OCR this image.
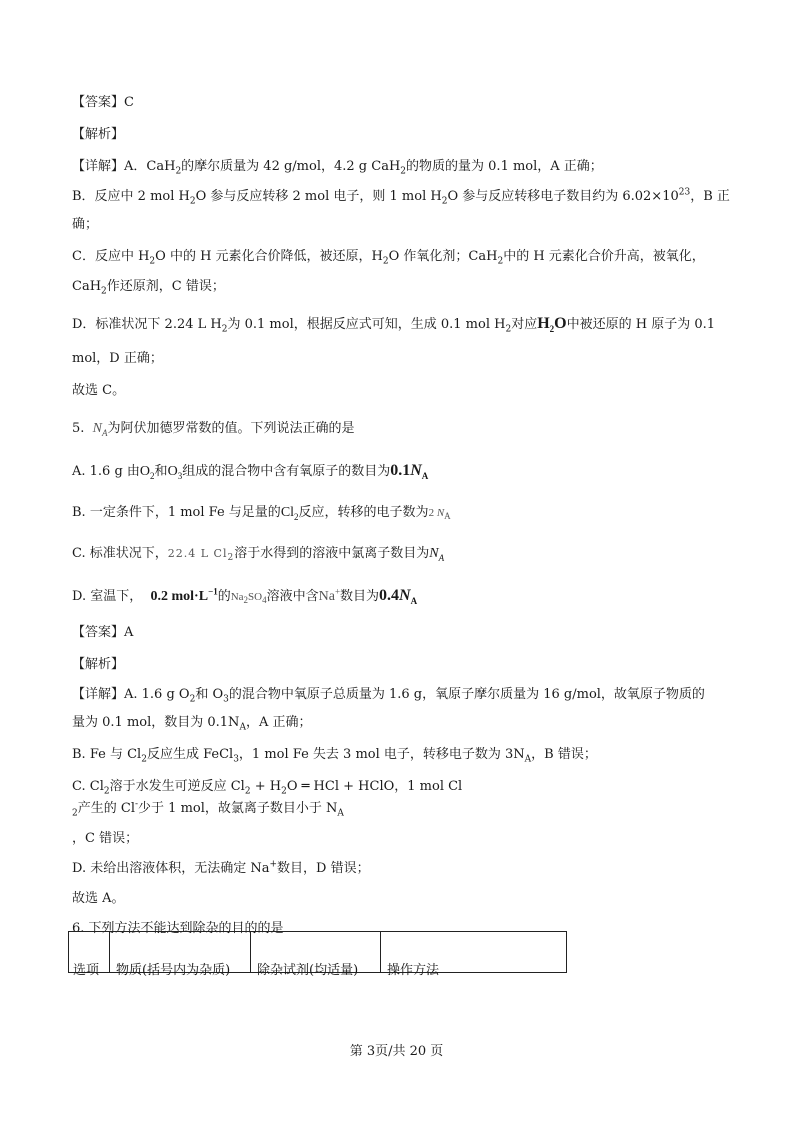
【答案】C
【解析】
【详解】A．CaH$_2$的摩尔质量为 42 g/mol，4.2 g CaH$_2$的物质的量为 0.1 mol，A 正确；
B．反应中 2 mol $H_2O$ 参与反应转移 2 mol 电子，则 1 mol $H_2O$ 参与反应转移电子数目约为 $6.02\times 10^{23}$，B 正
确；
C．反应中 $H_2O$ 中的 H 元素化合价降低，被还原，$H_2O$ 作氧化剂；CaH$_2$中的 H 元素化合价升高，被氧化，
CaH$_2$作还原剂，C 错误；
D．标准状况下 2.24 L $H_2$为 0.1 mol，根据反应式可知，生成 0.1 mol $H_2$对应$H_2O$中被还原的 H 原子为 0.1
mol，D 正确；
故选 C。
5. $N_A$为阿伏加德罗常数的值。下列说法正确的是
A. 1.6 g 由$O_2$和$O_3$组成的混合物中含有氧原子的数目为$0.1N_A$
B. 一定条件下，1 mol Fe 与足量的$Cl_2$反应，转移的电子数为2 $N_A$
C. 标准状况下，22.4 L $Cl_2$溶于水得到的溶液中氯离子数目为$N_A$
D. 室温下， 0.2 $mol\cdot L^{-1}$的$Na_2SO_4$溶液中含Na+数目为$0.4N_A$
【答案】A
【解析】
【详解】A. 1.6 g $O_2$和 $O_3$的混合物中氧原子总质量为 1.6 g，氧原子摩尔质量为 16 g/mol，故氧原子物质的
量为 0.1 mol，数目为 $0.1N_A$，A 正确；
B. Fe 与 $Cl_2$反应生成 FeCl$_3$，1 mol Fe 失去 3 mol 电子，转移电子数为 $3N_A$，B 错误；
C. $Cl_2$溶于水发生可逆反应 $Cl_2 + H_2O$ ═ HCl + HClO，1 mol Cl
$_2$产生的 Cl-少于 1 mol，故氯离子数目小于 $N_A$
，C 错误；
D. 未给出溶液体积，无法确定 Na+数目，D 错误；
故选 A。
6. 下列方法不能达到除杂的目的的是
选项 物质(括号内为杂质) 除杂试剂(均适量) 操作方法
第 3页/共 20 页
